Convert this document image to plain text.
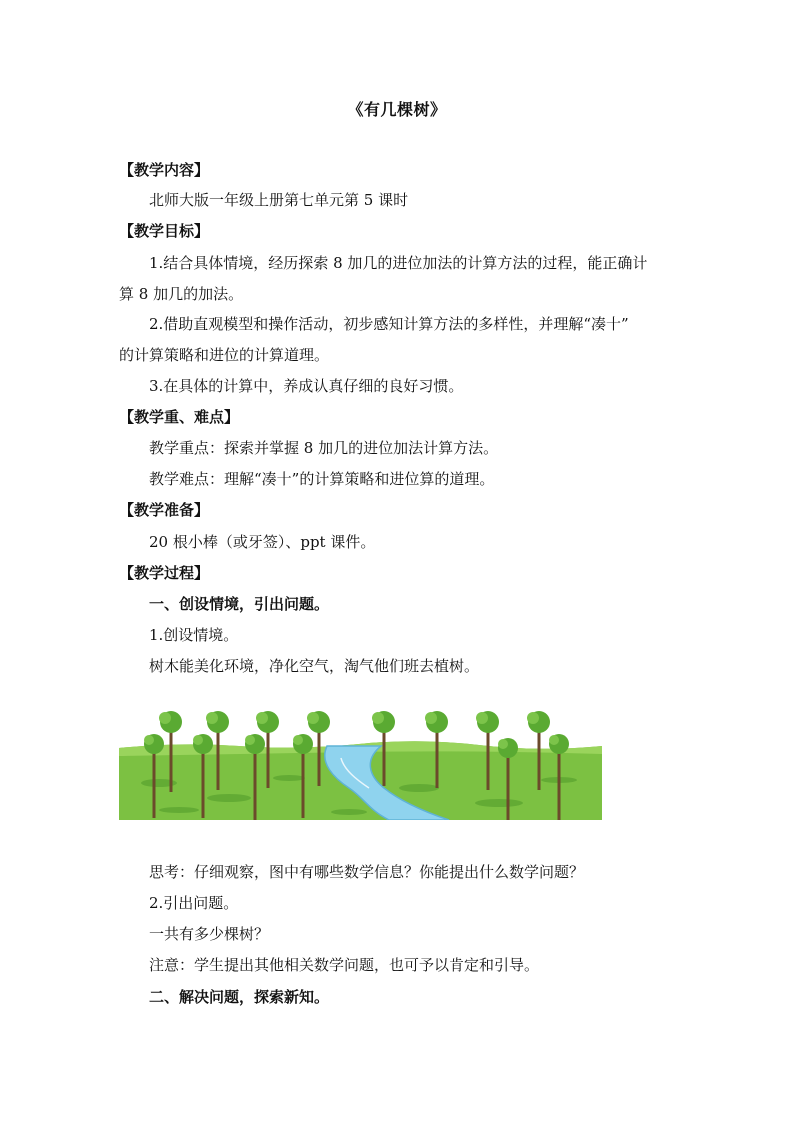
《有几棵树》
【教学内容】
北师大版一年级上册第七单元第 5 课时
【教学目标】
1.结合具体情境，经历探索 8 加几的进位加法的计算方法的过程，能正确计
算 8 加几的加法。
2.借助直观模型和操作活动，初步感知计算方法的多样性，并理解“凑十”
的计算策略和进位的计算道理。
3.在具体的计算中，养成认真仔细的良好习惯。
【教学重、难点】
教学重点：探索并掌握 8 加几的进位加法计算方法。
教学难点：理解“凑十”的计算策略和进位算的道理。
【教学准备】
20 根小棒（或牙签）、ppt 课件。
【教学过程】
一、创设情境，引出问题。
1.创设情境。
树木能美化环境，净化空气，淘气他们班去植树。
思考：仔细观察，图中有哪些数学信息？你能提出什么数学问题？
2.引出问题。
一共有多少棵树？
注意：学生提出其他相关数学问题，也可予以肯定和引导。
二、解决问题，探索新知。
